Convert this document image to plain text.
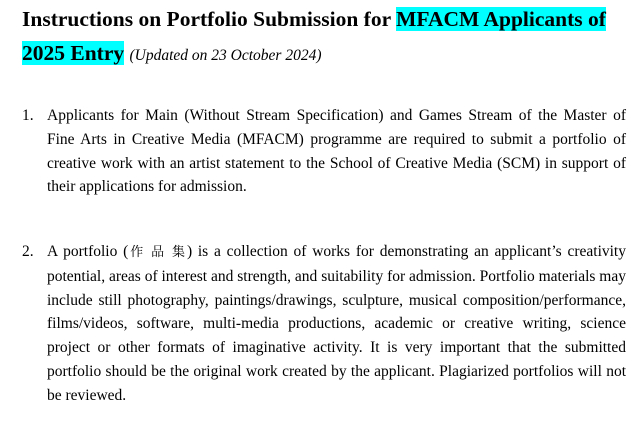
Instructions on Portfolio Submission for MFACM Applicants of
2025 Entry (Updated on 23 October 2024)
1. Applicants for Main (Without Stream Specification) and Games Stream of the Master of Fine Arts in Creative Media (MFACM) programme are required to submit a portfolio of creative work with an artist statement to the School of Creative Media (SCM) in support of their applications for admission.
2. A portfolio (作 品 集) is a collection of works for demonstrating an applicant’s creativity potential, areas of interest and strength, and suitability for admission. Portfolio materials may include still photography, paintings/drawings, sculpture, musical composition/performance, films/videos, software, multi-media productions, academic or creative writing, science project or other formats of imaginative activity. It is very important that the submitted portfolio should be the original work created by the applicant. Plagiarized portfolios will not be reviewed.
